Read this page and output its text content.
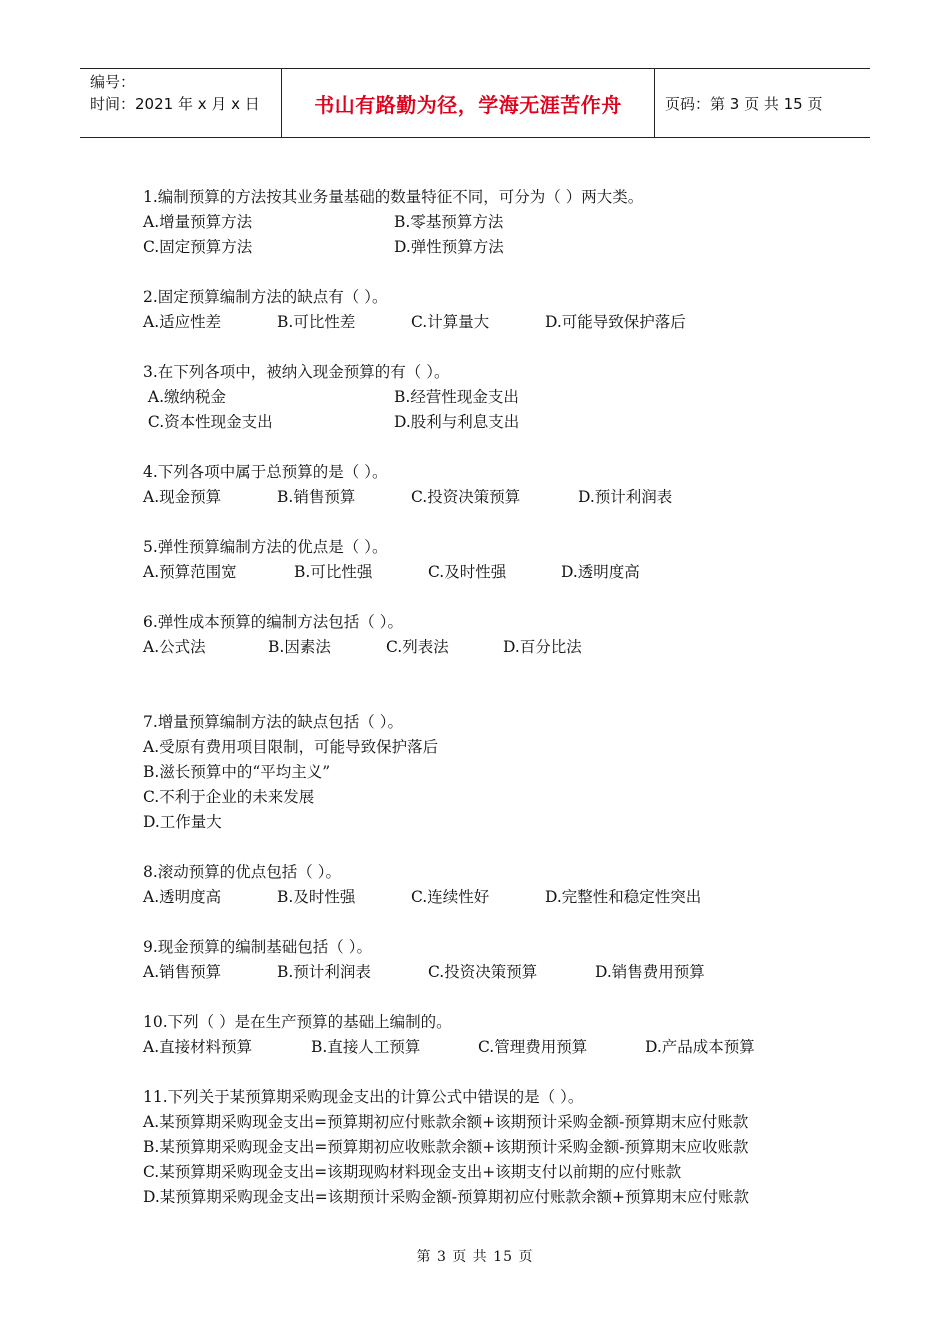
编号：
时间：2021 年 x 月 x 日	书山有路勤为径，学海无涯苦作舟	页码：第 3 页 共 15 页
1.编制预算的方法按其业务量基础的数量特征不同，可分为（ ）两大类。
A.增量预算方法	B.零基预算方法
C.固定预算方法	D.弹性预算方法
2.固定预算编制方法的缺点有（ ）。
A.适应性差	B.可比性差	C.计算量大	D.可能导致保护落后
3.在下列各项中，被纳入现金预算的有（ ）。
A.缴纳税金	B.经营性现金支出
C.资本性现金支出	D.股利与利息支出
4.下列各项中属于总预算的是（ ）。
A.现金预算	B.销售预算	C.投资决策预算	D.预计利润表
5.弹性预算编制方法的优点是（ ）。
A.预算范围宽	B.可比性强	C.及时性强	D.透明度高
6.弹性成本预算的编制方法包括（ ）。
A.公式法	B.因素法	C.列表法	D.百分比法
7.增量预算编制方法的缺点包括（ ）。
A.受原有费用项目限制，可能导致保护落后
B.滋长预算中的“平均主义”
C.不利于企业的未来发展
D.工作量大
8.滚动预算的优点包括（ ）。
A.透明度高	B.及时性强	C.连续性好	D.完整性和稳定性突出
9.现金预算的编制基础包括（ ）。
A.销售预算	B.预计利润表	C.投资决策预算	D.销售费用预算
10.下列（ ）是在生产预算的基础上编制的。
A.直接材料预算	B.直接人工预算	C.管理费用预算	D.产品成本预算
11.下列关于某预算期采购现金支出的计算公式中错误的是（ ）。
A.某预算期采购现金支出=预算期初应付账款余额+该期预计采购金额-预算期末应付账款
B.某预算期采购现金支出=预算期初应收账款余额+该期预计采购金额-预算期末应收账款
C.某预算期采购现金支出=该期现购材料现金支出+该期支付以前期的应付账款
D.某预算期采购现金支出=该期预计采购金额-预算期初应付账款余额+预算期末应付账款
第 3 页 共 15 页
